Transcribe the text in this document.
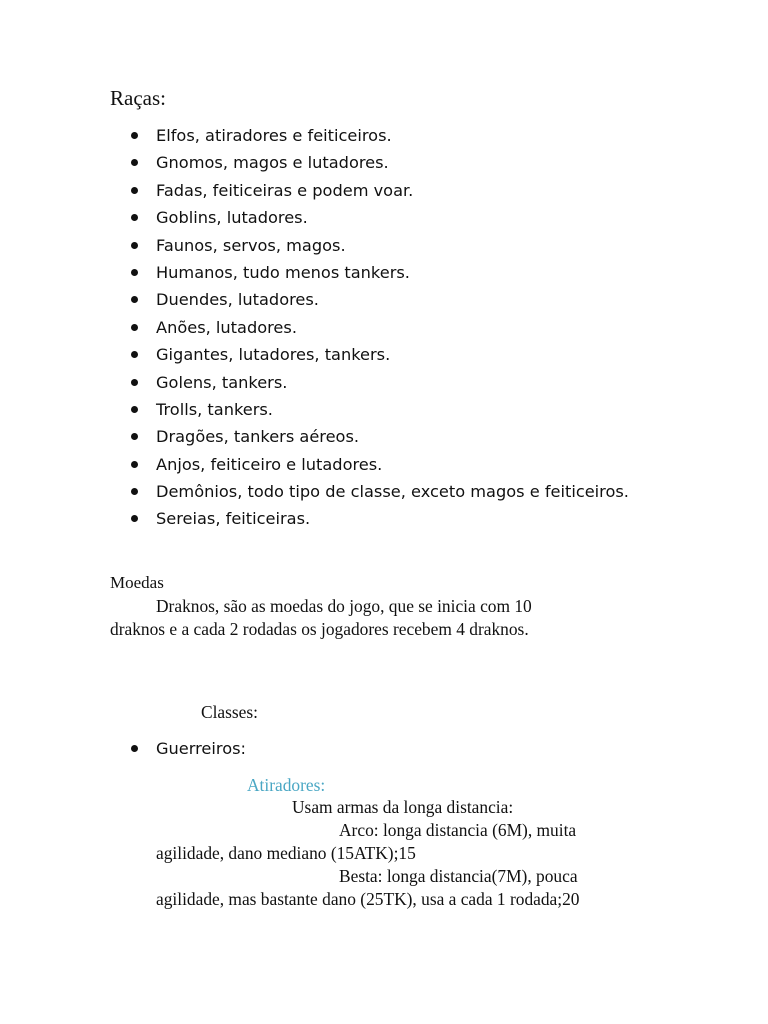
Raças:
Elfos, atiradores e feiticeiros.
Gnomos, magos e lutadores.
Fadas, feiticeiras e podem voar.
Goblins, lutadores.
Faunos, servos, magos.
Humanos, tudo menos tankers.
Duendes, lutadores.
Anões, lutadores.
Gigantes, lutadores, tankers.
Golens, tankers.
Trolls, tankers.
Dragões, tankers aéreos.
Anjos, feiticeiro e lutadores.
Demônios, todo tipo de classe, exceto magos e feiticeiros.
Sereias, feiticeiras.
Moedas
Draknos, são as moedas do jogo, que se inicia com 10
draknos e a cada 2 rodadas os jogadores recebem 4 draknos.
Classes:
Guerreiros:
Atiradores:
Usam armas da longa distancia:
Arco: longa distancia (6M), muita
agilidade, dano mediano (15ATK);15
Besta: longa distancia(7M), pouca
agilidade, mas bastante dano (25TK), usa a cada 1 rodada;20
